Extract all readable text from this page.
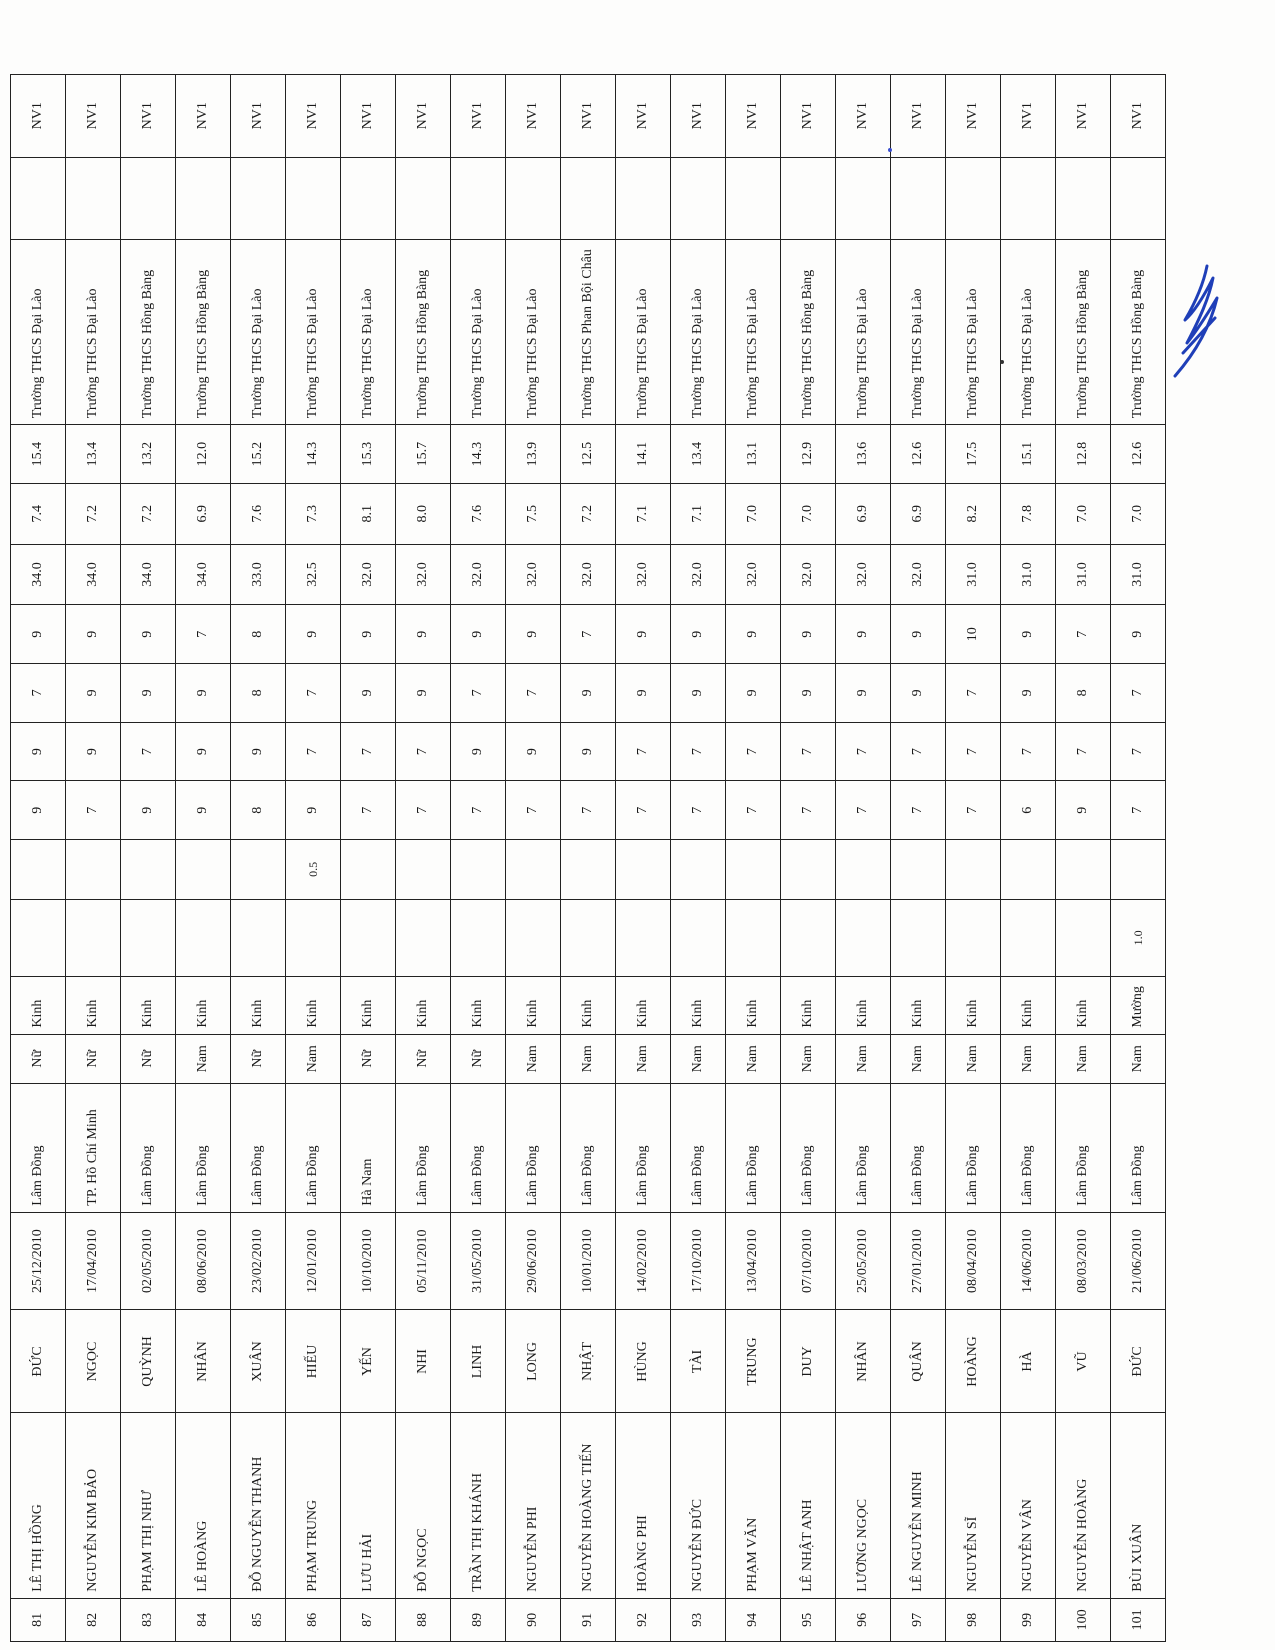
81	LÊ THỊ HỒNG	ĐỨC	25/12/2010	Lâm Đồng	Nữ	Kinh			9	9	7	9	34.0	7.4	15.4	Trường THCS Đại Lào		NV1
82	NGUYỄN KIM BẢO	NGỌC	17/04/2010	TP. Hồ Chí Minh	Nữ	Kinh			7	9	9	9	34.0	7.2	13.4	Trường THCS Đại Lào		NV1
83	PHẠM THỊ NHƯ	QUỲNH	02/05/2010	Lâm Đồng	Nữ	Kinh			9	7	9	9	34.0	7.2	13.2	Trường THCS Hồng Bàng		NV1
84	LÊ HOÀNG	NHÂN	08/06/2010	Lâm Đồng	Nam	Kinh			9	9	9	7	34.0	6.9	12.0	Trường THCS Hồng Bàng		NV1
85	ĐỖ NGUYỄN THANH	XUÂN	23/02/2010	Lâm Đồng	Nữ	Kinh			8	9	8	8	33.0	7.6	15.2	Trường THCS Đại Lào		NV1
86	PHẠM TRUNG	HIẾU	12/01/2010	Lâm Đồng	Nam	Kinh		0.5	9	7	7	9	32.5	7.3	14.3	Trường THCS Đại Lào		NV1
87	LƯU HẢI	YẾN	10/10/2010	Hà Nam	Nữ	Kinh			7	7	9	9	32.0	8.1	15.3	Trường THCS Đại Lào		NV1
88	ĐỖ NGỌC	NHI	05/11/2010	Lâm Đồng	Nữ	Kinh			7	7	9	9	32.0	8.0	15.7	Trường THCS Hồng Bàng		NV1
89	TRẦN THỊ KHÁNH	LINH	31/05/2010	Lâm Đồng	Nữ	Kinh			7	9	7	9	32.0	7.6	14.3	Trường THCS Đại Lào		NV1
90	NGUYỄN PHI	LONG	29/06/2010	Lâm Đồng	Nam	Kinh			7	9	7	9	32.0	7.5	13.9	Trường THCS Đại Lào		NV1
91	NGUYỄN HOÀNG TIẾN	NHẬT	10/01/2010	Lâm Đồng	Nam	Kinh			7	9	9	7	32.0	7.2	12.5	Trường THCS Phan Bội Châu		NV1
92	HOÀNG PHI	HÙNG	14/02/2010	Lâm Đồng	Nam	Kinh			7	7	9	9	32.0	7.1	14.1	Trường THCS Đại Lào		NV1
93	NGUYỄN ĐỨC	TÀI	17/10/2010	Lâm Đồng	Nam	Kinh			7	7	9	9	32.0	7.1	13.4	Trường THCS Đại Lào		NV1
94	PHẠM VĂN	TRUNG	13/04/2010	Lâm Đồng	Nam	Kinh			7	7	9	9	32.0	7.0	13.1	Trường THCS Đại Lào		NV1
95	LÊ NHẬT ANH	DUY	07/10/2010	Lâm Đồng	Nam	Kinh			7	7	9	9	32.0	7.0	12.9	Trường THCS Hồng Bàng		NV1
96	LƯƠNG NGỌC	NHÂN	25/05/2010	Lâm Đồng	Nam	Kinh			7	7	9	9	32.0	6.9	13.6	Trường THCS Đại Lào		NV1
97	LÊ NGUYỄN MINH	QUÂN	27/01/2010	Lâm Đồng	Nam	Kinh			7	7	9	9	32.0	6.9	12.6	Trường THCS Đại Lào		NV1
98	NGUYỄN SĨ	HOÀNG	08/04/2010	Lâm Đồng	Nam	Kinh			7	7	7	10	31.0	8.2	17.5	Trường THCS Đại Lào		NV1
99	NGUYỄN VÂN	HÀ	14/06/2010	Lâm Đồng	Nam	Kinh			6	7	9	9	31.0	7.8	15.1	Trường THCS Đại Lào		NV1
100	NGUYỄN HOÀNG	VŨ	08/03/2010	Lâm Đồng	Nam	Kinh			9	7	8	7	31.0	7.0	12.8	Trường THCS Hồng Bàng		NV1
101	BÙI XUÂN	ĐỨC	21/06/2010	Lâm Đồng	Nam	Mường	1.0		7	7	7	9	31.0	7.0	12.6	Trường THCS Hồng Bàng		NV1
